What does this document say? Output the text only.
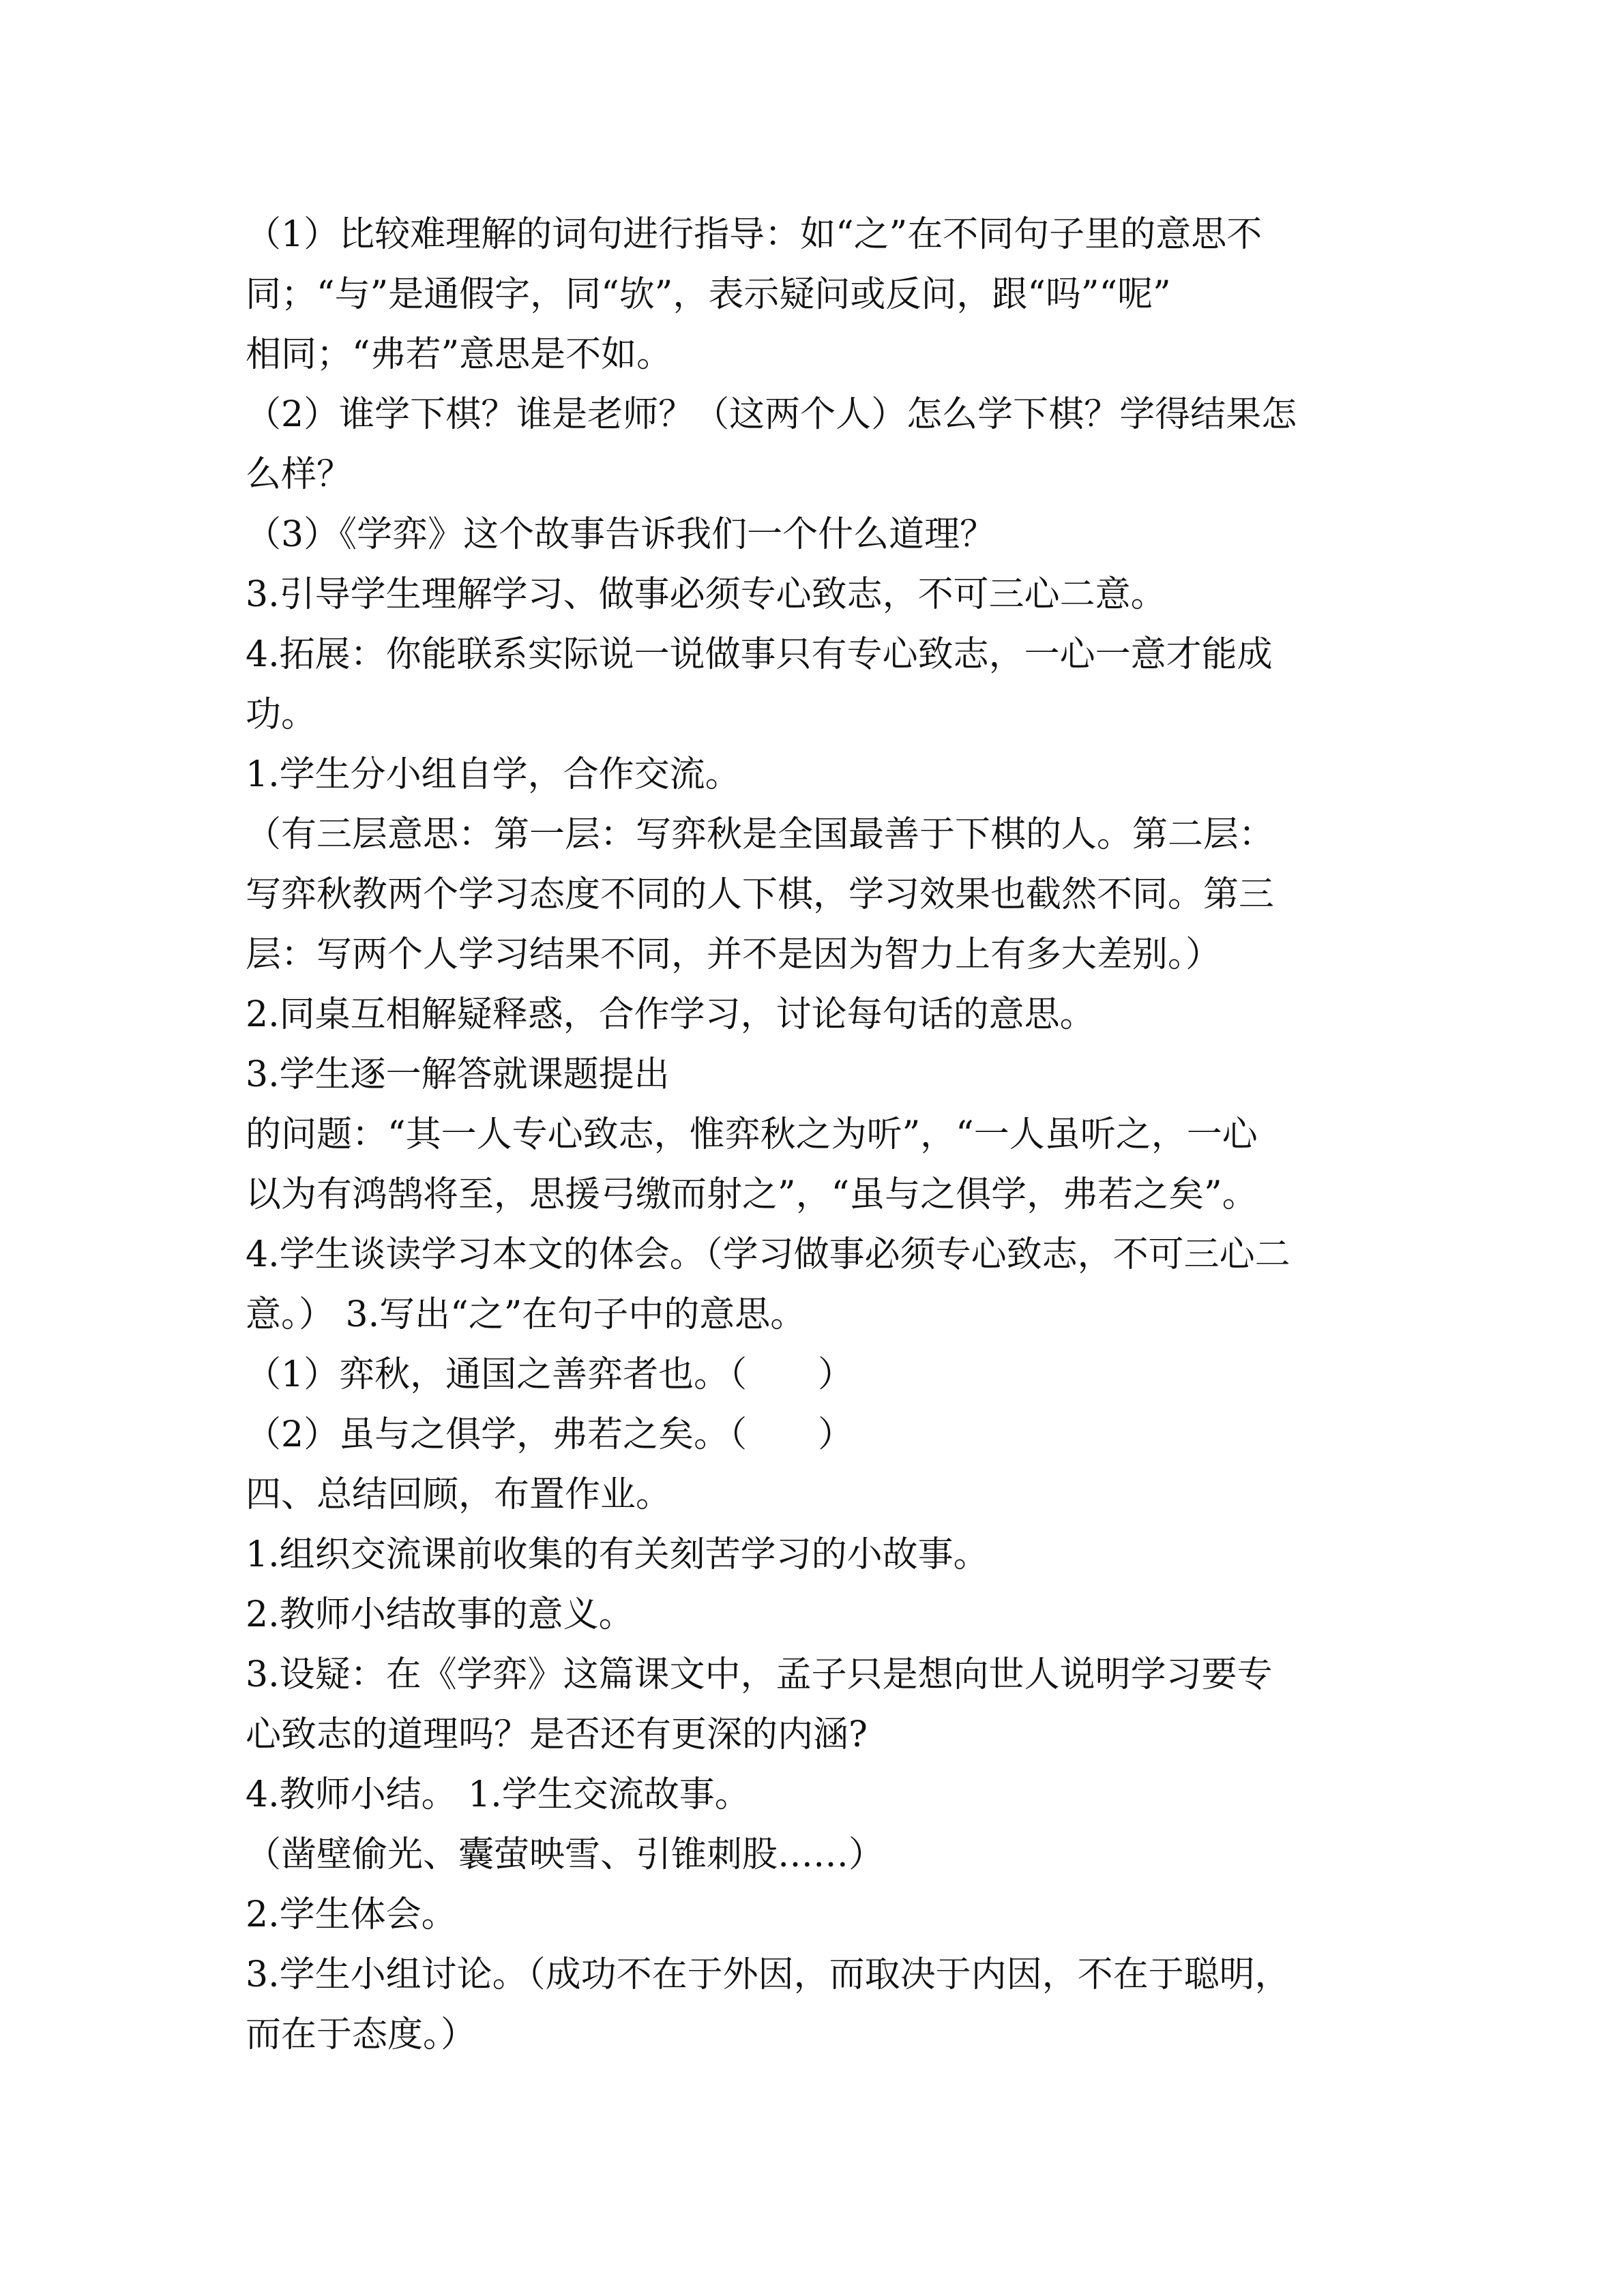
（1）比较难理解的词句进行指导：如“之”在不同句子里的意思不
同；“与”是通假字，同“欤”，表示疑问或反问，跟“吗”“呢”
相同；“弗若”意思是不如。
（2）谁学下棋？谁是老师？（这两个人）怎么学下棋？学得结果怎
么样？
（3）《学弈》这个故事告诉我们一个什么道理？
3.引导学生理解学习、做事必须专心致志，不可三心二意。
4.拓展：你能联系实际说一说做事只有专心致志，一心一意才能成
功。
1.学生分小组自学，合作交流。
（有三层意思：第一层：写弈秋是全国最善于下棋的人。第二层：
写弈秋教两个学习态度不同的人下棋，学习效果也截然不同。第三
层：写两个人学习结果不同，并不是因为智力上有多大差别。）
2.同桌互相解疑释惑，合作学习，讨论每句话的意思。
3.学生逐一解答就课题提出
的问题：“其一人专心致志，惟弈秋之为听”，“一人虽听之，一心
以为有鸿鹄将至，思援弓缴而射之”，“虽与之俱学，弗若之矣”。
4.学生谈读学习本文的体会。（学习做事必须专心致志，不可三心二
意。） 3.写出“之”在句子中的意思。
（1）弈秋，通国之善弈者也。（　　）
（2）虽与之俱学，弗若之矣。（　　）
四、总结回顾，布置作业。
1.组织交流课前收集的有关刻苦学习的小故事。
2.教师小结故事的意义。
3.设疑：在《学弈》这篇课文中，孟子只是想向世人说明学习要专
心致志的道理吗？是否还有更深的内涵?
4.教师小结。 1.学生交流故事。
（凿壁偷光、囊萤映雪、引锥刺股……）
2.学生体会。
3.学生小组讨论。（成功不在于外因，而取决于内因，不在于聪明，
而在于态度。）
